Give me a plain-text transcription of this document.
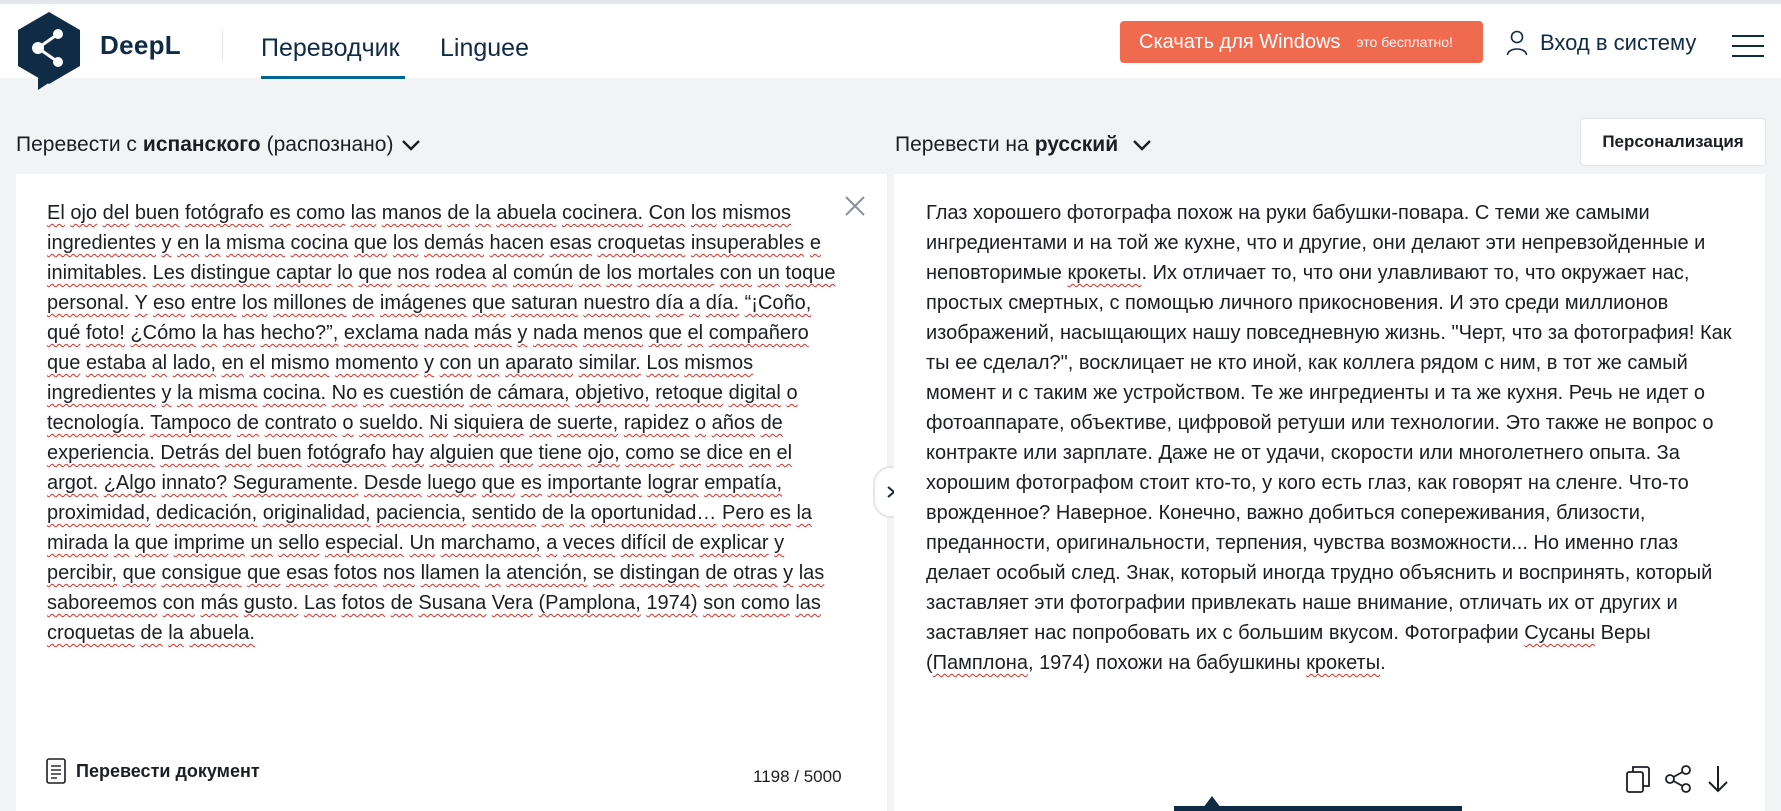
DeepL	Переводчик Linguee	Скачать для Windows это бесплатно!	Вход в систему
Перевести с испанского (распознано)	Перевести на русский	Персонализация
El ojo del buen fotógrafo es como las manos de la abuela cocinera. Con los mismos ingredientes y en la misma cocina que los demás hacen esas croquetas insuperables e inimitables. Les distingue captar lo que nos rodea al común de los mortales con un toque personal. Y eso entre los millones de imágenes que saturan nuestro día a día. “¡Coño, qué foto! ¿Cómo la has hecho?”, exclama nada más y nada menos que el compañero que estaba al lado, en el mismo momento y con un aparato similar. Los mismos ingredientes y la misma cocina. No es cuestión de cámara, objetivo, retoque digital o tecnología. Tampoco de contrato o sueldo. Ni siquiera de suerte, rapidez o años de experiencia. Detrás del buen fotógrafo hay alguien que tiene ojo, como se dice en el argot. ¿Algo innato? Seguramente. Desde luego que es importante lograr empatía, proximidad, dedicación, originalidad, paciencia, sentido de la oportunidad… Pero es la mirada la que imprime un sello especial. Un marchamo, a veces difícil de explicar y percibir, que consigue que esas fotos nos llamen la atención, se distingan de otras y las saboreemos con más gusto. Las fotos de Susana Vera (Pamplona, 1974) son como las croquetas de la abuela.
Перевести документ	1198 / 5000
Глаз хорошего фотографа похож на руки бабушки-повара. С теми же самыми ингредиентами и на той же кухне, что и другие, они делают эти непревзойденные и неповторимые крокеты. Их отличает то, что они улавливают то, что окружает нас, простых смертных, с помощью личного прикосновения. И это среди миллионов изображений, насыщающих нашу повседневную жизнь. "Черт, что за фотография! Как ты ее сделал?", восклицает не кто иной, как коллега рядом с ним, в тот же самый момент и с таким же устройством. Те же ингредиенты и та же кухня. Речь не идет о фотоаппарате, объективе, цифровой ретуши или технологии. Это также не вопрос о контракте или зарплате. Даже не от удачи, скорости или многолетнего опыта. За хорошим фотографом стоит кто-то, у кого есть глаз, как говорят на сленге. Что-то врожденное? Наверное. Конечно, важно добиться сопереживания, близости, преданности, оригинальности, терпения, чувства возможности... Но именно глаз делает особый след. Знак, который иногда трудно объяснить и воспринять, который заставляет эти фотографии привлекать наше внимание, отличать их от других и заставляет нас попробовать их с большим вкусом. Фотографии Сусаны Веры (Памплона, 1974) похожи на бабушкины крокеты.
